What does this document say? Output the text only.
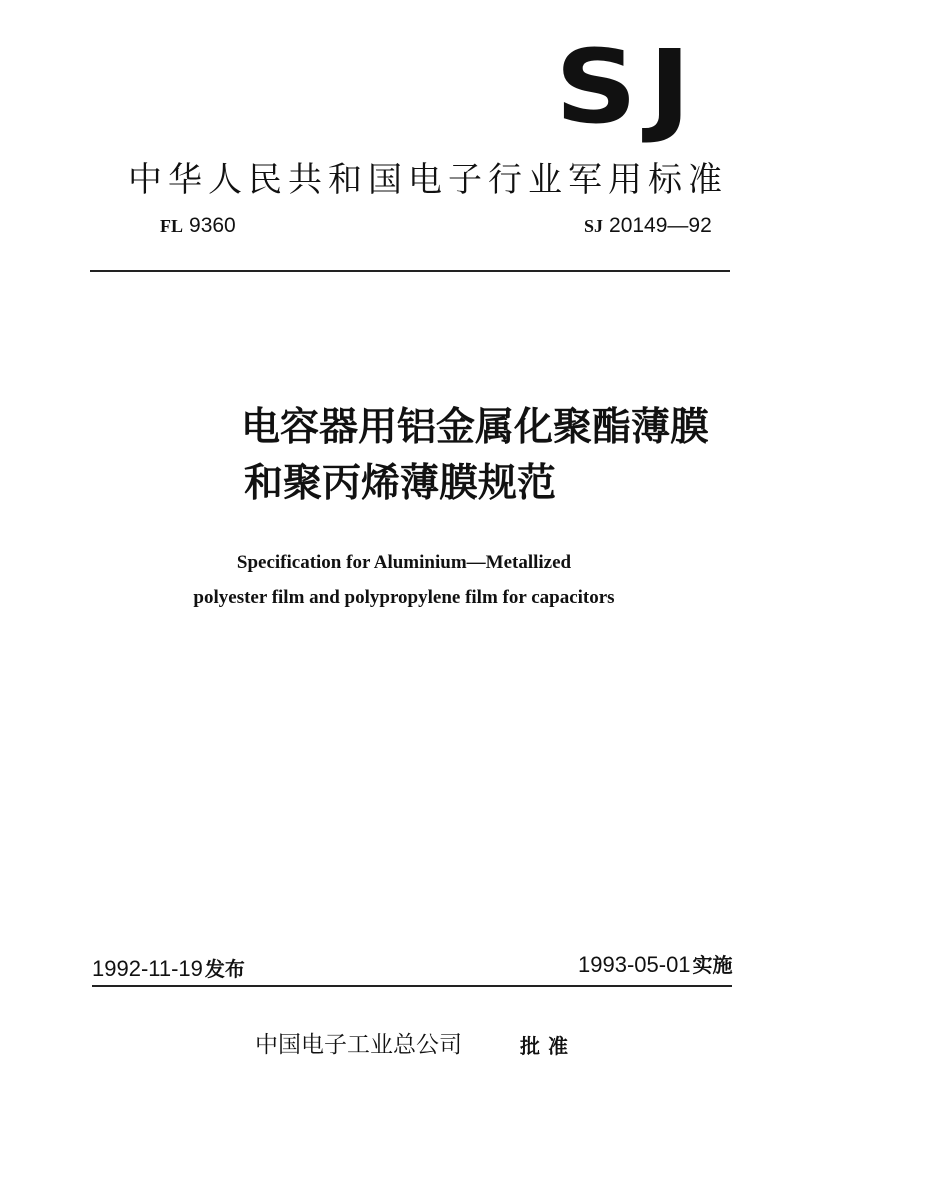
SJ
中华人民共和国电子行业军用标准
FL 9360	SJ 20149—92
电容器用铝金属化聚酯薄膜
和聚丙烯薄膜规范
Specification for Aluminium—Metallized
polyester film and polypropylene film for capacitors
1992-11-19 发布	1993-05-01 实施
中国电子工业总公司	批准
